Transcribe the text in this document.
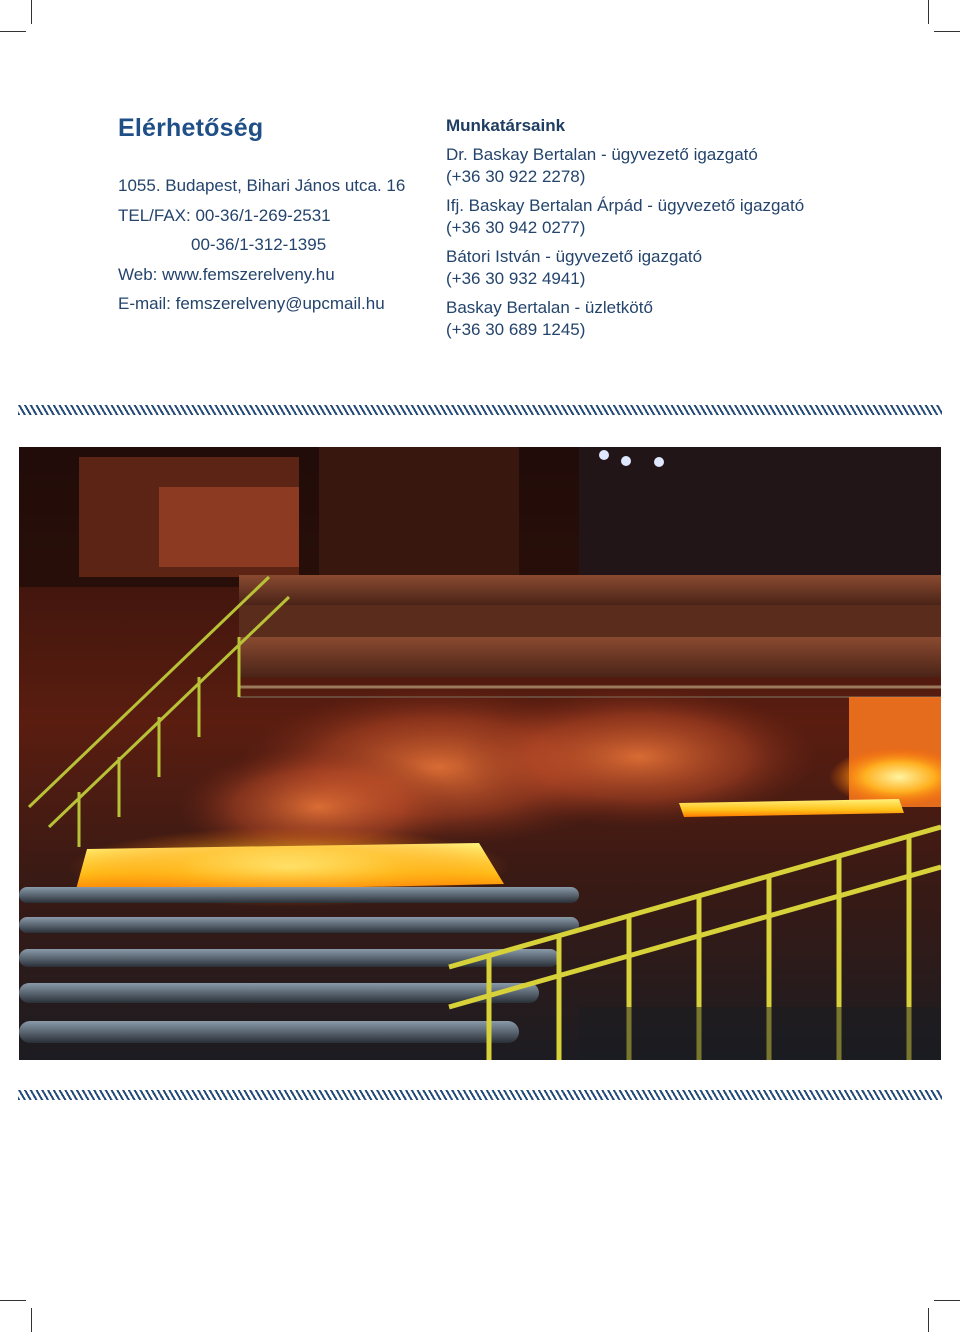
Elérhetőség
1055. Budapest, Bihari János utca. 16
TEL/FAX: 00-36/1-269-2531
00-36/1-312-1395
Web: www.femszerelveny.hu
E-mail: femszerelveny@upcmail.hu
Munkatársaink
Dr. Baskay Bertalan - ügyvezető igazgató
(+36 30 922 2278)
Ifj. Baskay Bertalan Árpád - ügyvezető igazgató
(+36 30 942 0277)
Bátori István - ügyvezető igazgató
(+36 30 932 4941)
Baskay Bertalan - üzletkötő
(+36 30 689 1245)
